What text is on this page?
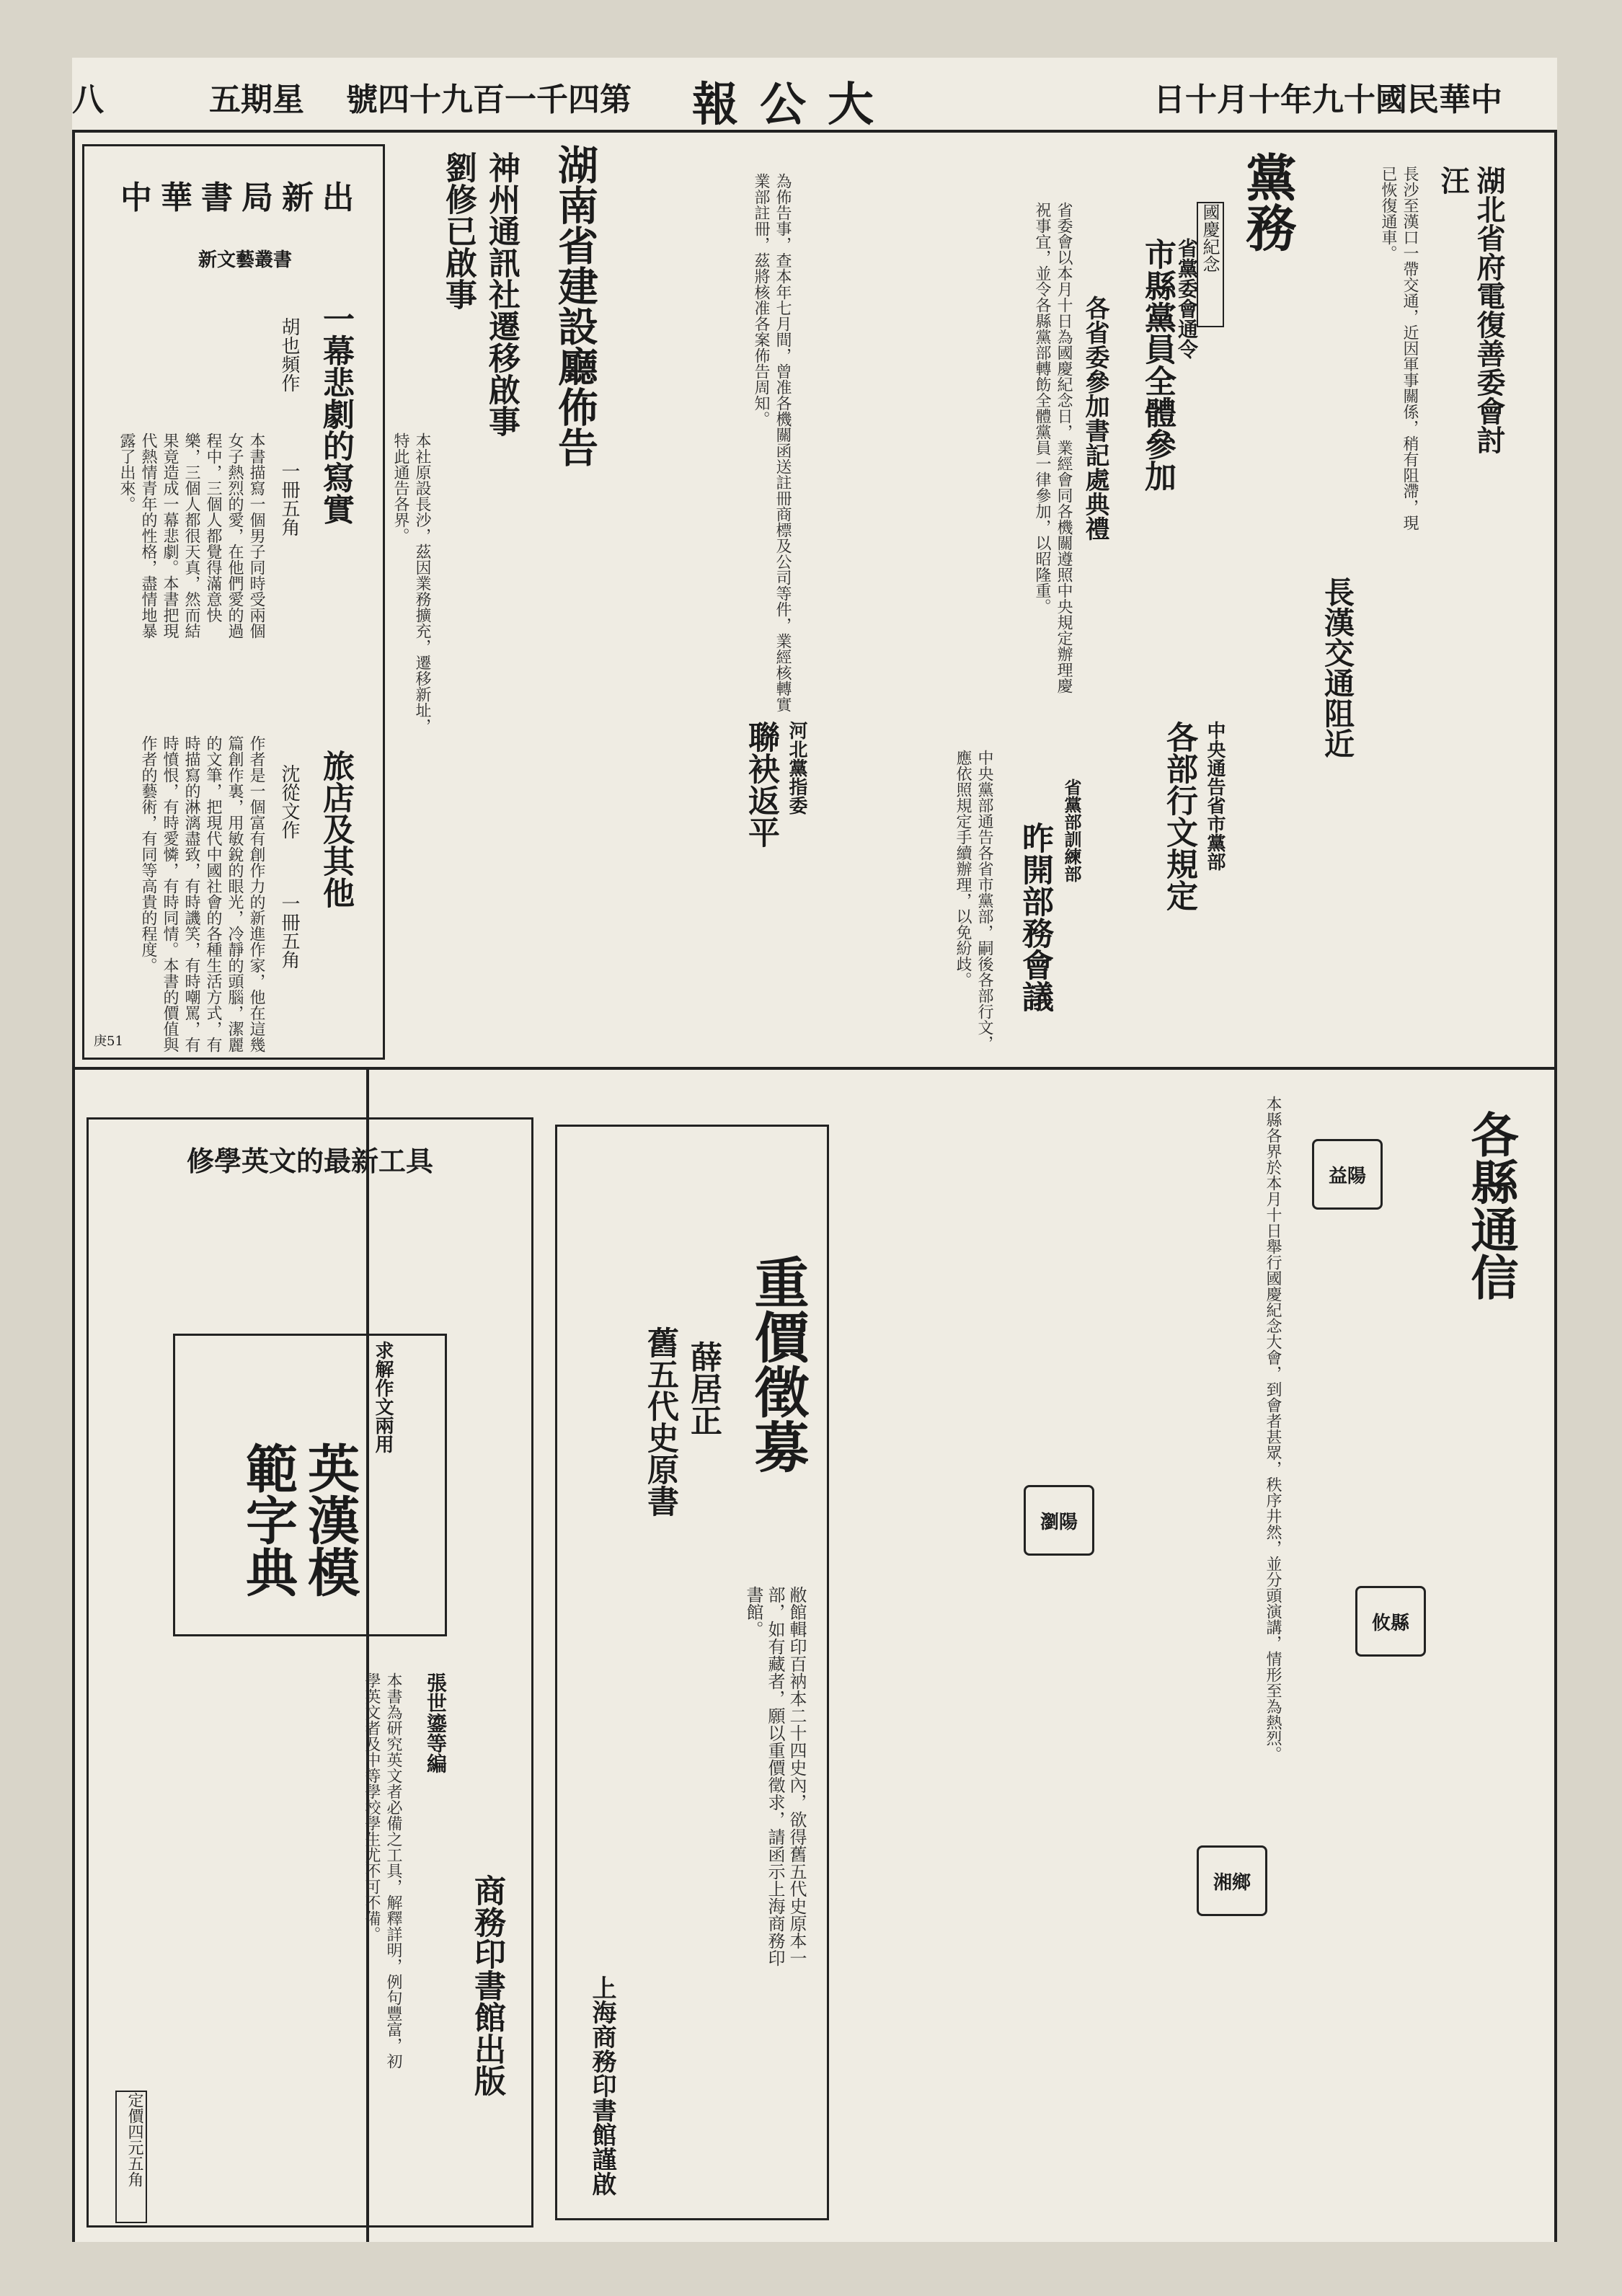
八	五期星 號四十九百一千四第 報公大	日十月十年九十國民華中
黨務
市縣黨員全體參加 省黨委會通令
各省委參加書記處典禮
國慶紀念
省委會以本月十日為國慶紀念日，業經會同各機關遵照中央規定辦理慶祝事宜，並令各縣黨部轉飭全體黨員一律參加，以昭隆重。	湖北省府電復善委會討汪
長漢交通阻近
長沙至漢口一帶交通，近因軍事關係，稍有阻滯，現已恢復通車。
湖南省建設廳佈告	為佈告事，查本年七月間，曾准各機關函送註冊商標及公司等件，業經核轉實業部註冊，茲將核准各案佈告周知。
神州通訊社遷移啟事
劉修已啟事
本社原設長沙，茲因業務擴充，遷移新址，特此通告各界。
中華書局新出
新文藝叢書
一幕悲劇的寫實
胡也頻作
一冊五角
本書描寫一個男子同時受兩個女子熱烈的愛，在他們愛的過程中，三個人都覺得滿意快樂，三個人都很天真，然而結果竟造成一幕悲劇。本書把現代熱情青年的性格，盡情地暴露了出來。
旅店及其他
沈從文作
一冊五角
作者是一個富有創作力的新進作家，他在這幾篇創作裏，用敏銳的眼光，冷靜的頭腦，潔麗的文筆，把現代中國社會的各種生活方式，有時描寫的淋漓盡致，有時譏笑，有時嘲罵，有時憤恨，有時愛憐，有時同情。本書的價值與作者的藝術，有同等高貴的程度。
庚51
各部行文規定 中央通告省市黨部
昨開部務會議 省黨部訓練部
中央黨部通告各省市黨部，嗣後各部行文，應依照規定手續辦理，以免紛歧。
聯袂返平 河北黨指委
各縣通信
益陽
瀏陽
攸縣
湘鄉
本縣各界於本月十日舉行國慶紀念大會，到會者甚眾，秩序井然，並分頭演講，情形至為熱烈。
重價徵募
薛居正
舊五代史原書
敝館輯印百衲本二十四史內，欲得舊五代史原本一部，如有藏者，願以重價徵求，請函示上海商務印書館。
上海商務印書館謹啟
修學英文的最新工具
求解作文兩用
英漢模範字典
張世鎏等編
本書為研究英文者必備之工具，解釋詳明，例句豐富，初學英文者及中等學校學生尤不可不備。
商務印書館出版
定價四元五角
